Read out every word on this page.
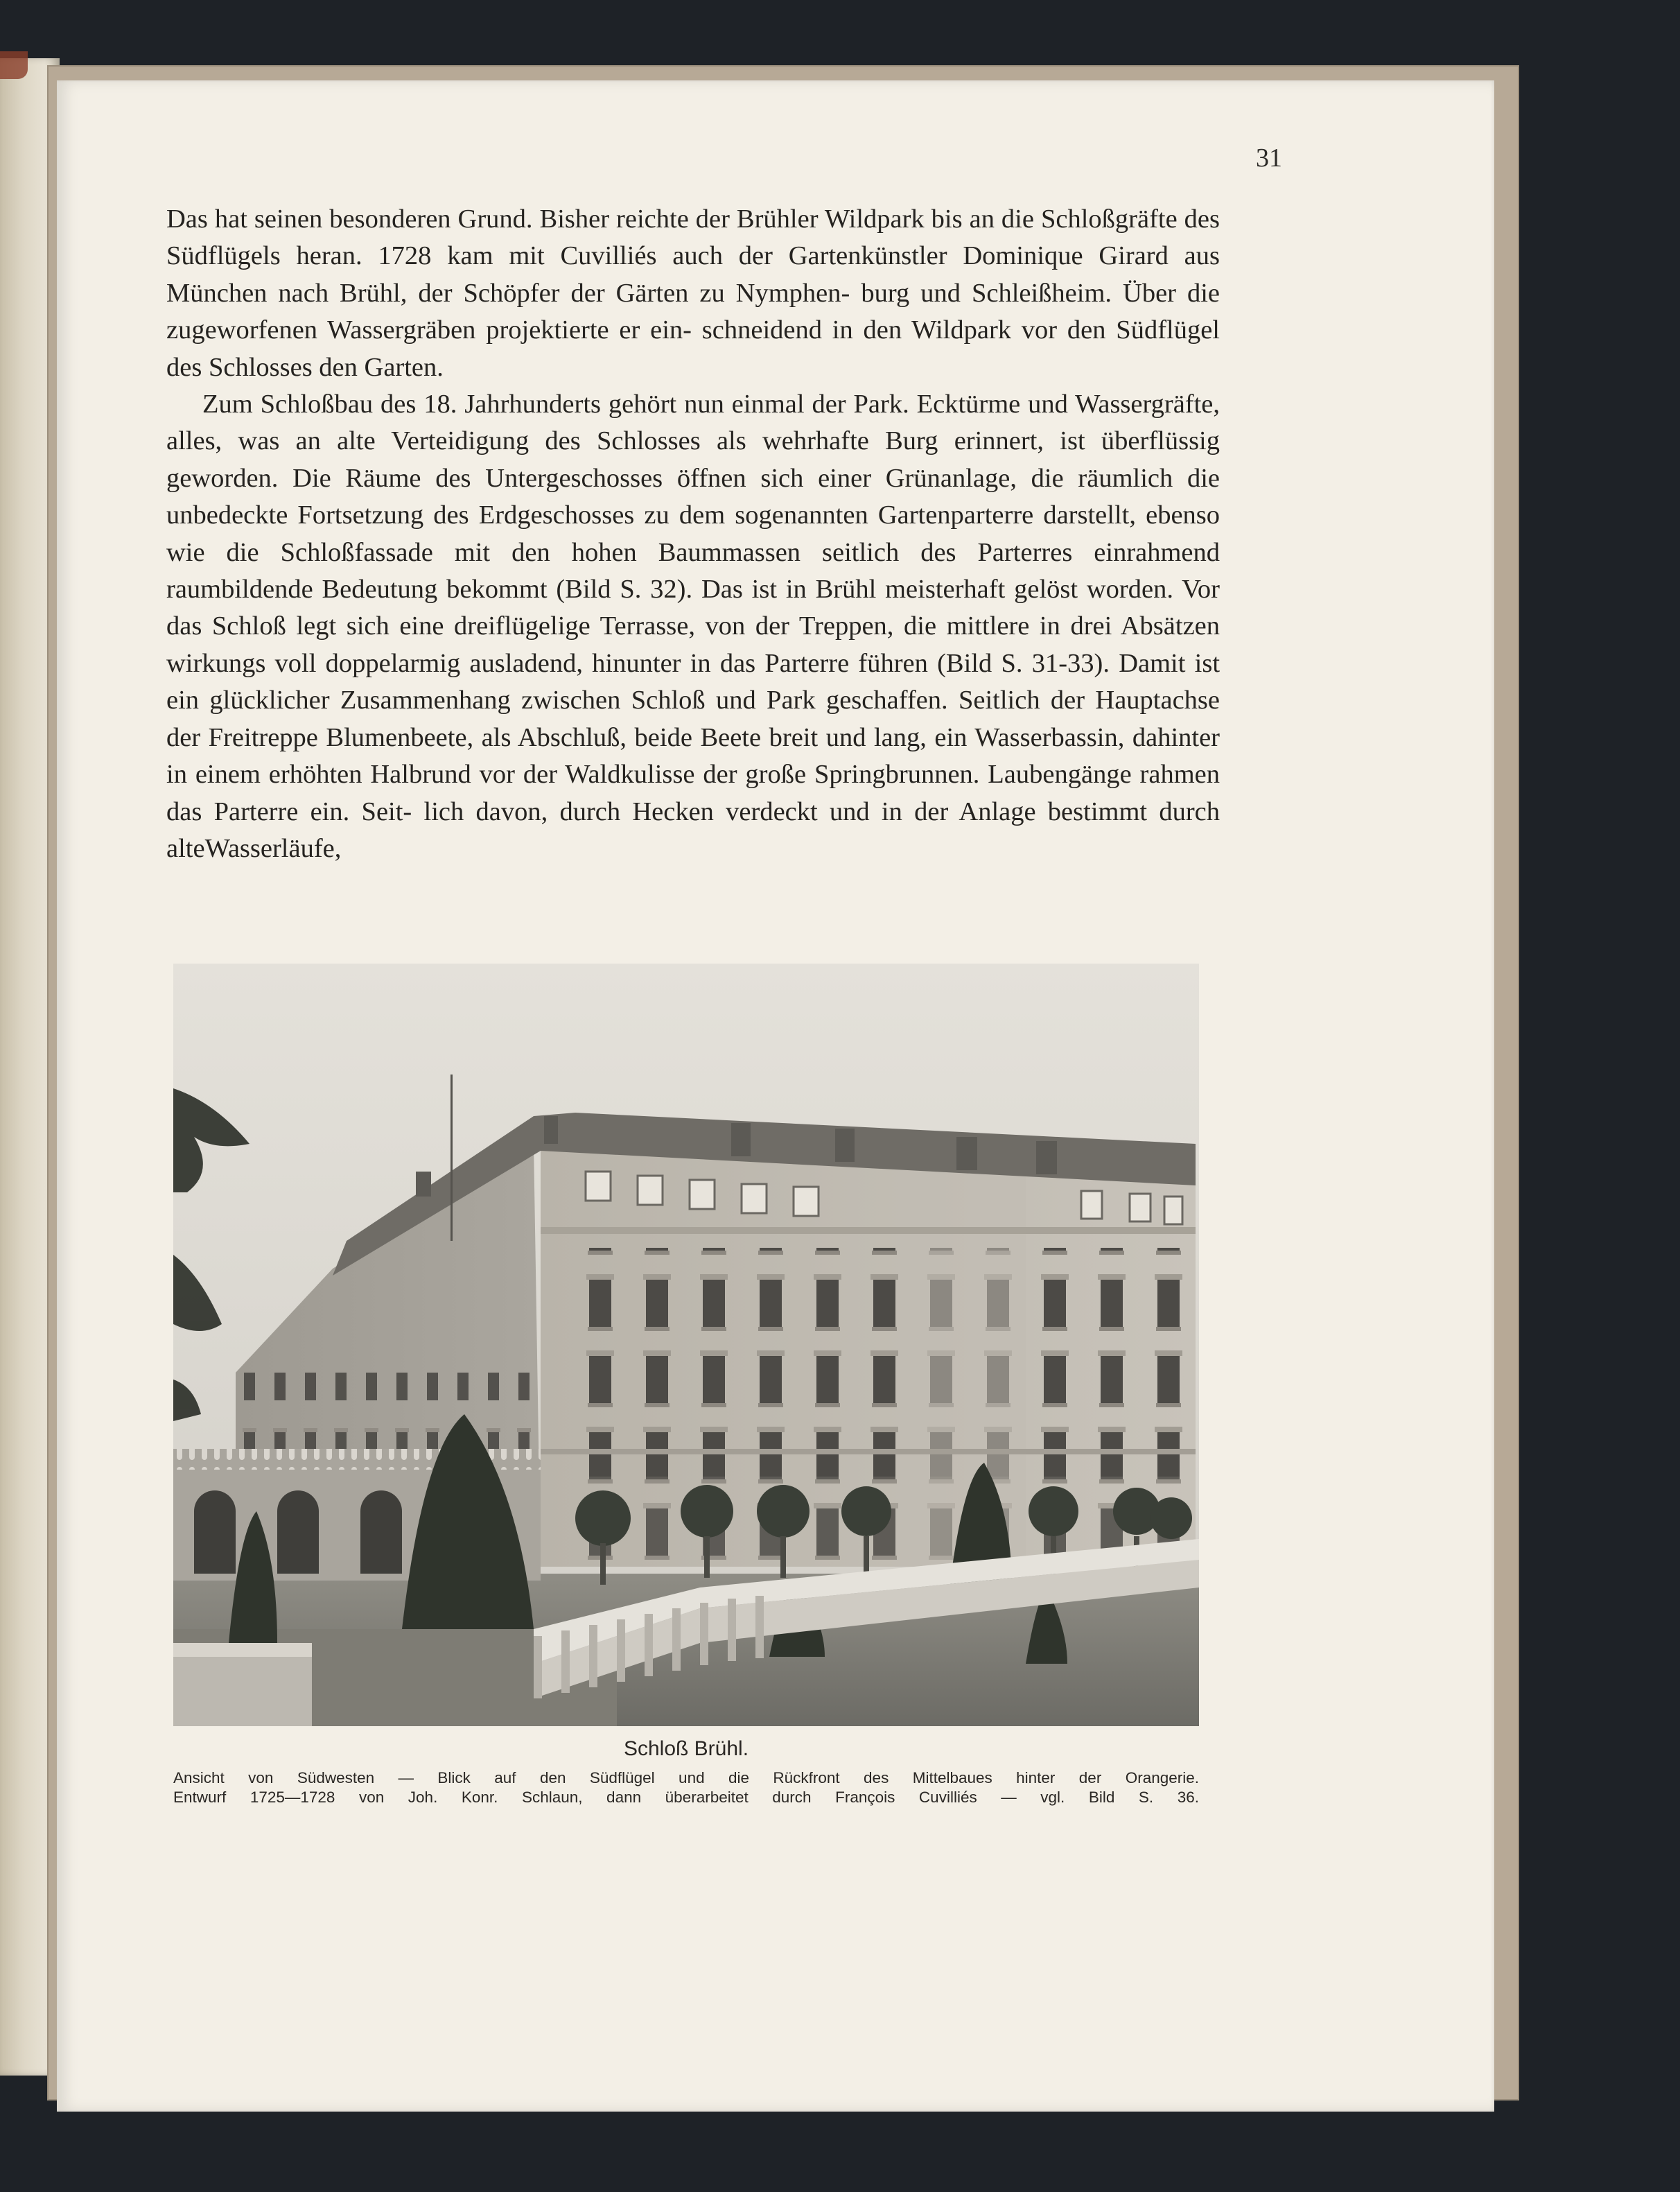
31

Das hat seinen besonderen Grund. Bisher reichte der Brühler Wildpark bis an die Schloßgräfte des Südflügels heran. 1728 kam mit Cuvilliés auch der Gartenkünstler Dominique Girard aus München nach Brühl, der Schöpfer der Gärten zu Nymphen- burg und Schleißheim. Über die zugeworfenen Wassergräben projektierte er ein- schneidend in den Wildpark vor den Südflügel des Schlosses den Garten.

Zum Schloßbau des 18. Jahrhunderts gehört nun einmal der Park. Ecktürme und Wassergräfte, alles, was an alte Verteidigung des Schlosses als wehrhafte Burg erinnert, ist überflüssig geworden. Die Räume des Untergeschosses öffnen sich einer Grünanlage, die räumlich die unbedeckte Fortsetzung des Erdgeschosses zu dem sogenannten Gartenparterre darstellt, ebenso wie die Schloßfassade mit den hohen Baummassen seitlich des Parterres einrahmend raumbildende Bedeutung bekommt (Bild S. 32). Das ist in Brühl meisterhaft gelöst worden. Vor das Schloß legt sich eine dreiflügelige Terrasse, von der Treppen, die mittlere in drei Absätzen wirkungs voll doppelarmig ausladend, hinunter in das Parterre führen (Bild S. 31-33). Damit ist ein glücklicher Zusammenhang zwischen Schloß und Park geschaffen. Seitlich der Hauptachse der Freitreppe Blumenbeete, als Abschluß, beide Beete breit und lang, ein Wasserbassin, dahinter in einem erhöhten Halbrund vor der Waldkulisse der große Springbrunnen. Laubengänge rahmen das Parterre ein. Seit- lich davon, durch Hecken verdeckt und in der Anlage bestimmt durch alteWasserläufe,

Schloß Brühl.
Ansicht von Südwesten — Blick auf den Südflügel und die Rückfront des Mittelbaues hinter der Orangerie.
Entwurf 1725—1728 von Joh. Konr. Schlaun, dann überarbeitet durch François Cuvilliés — vgl. Bild S. 36.
